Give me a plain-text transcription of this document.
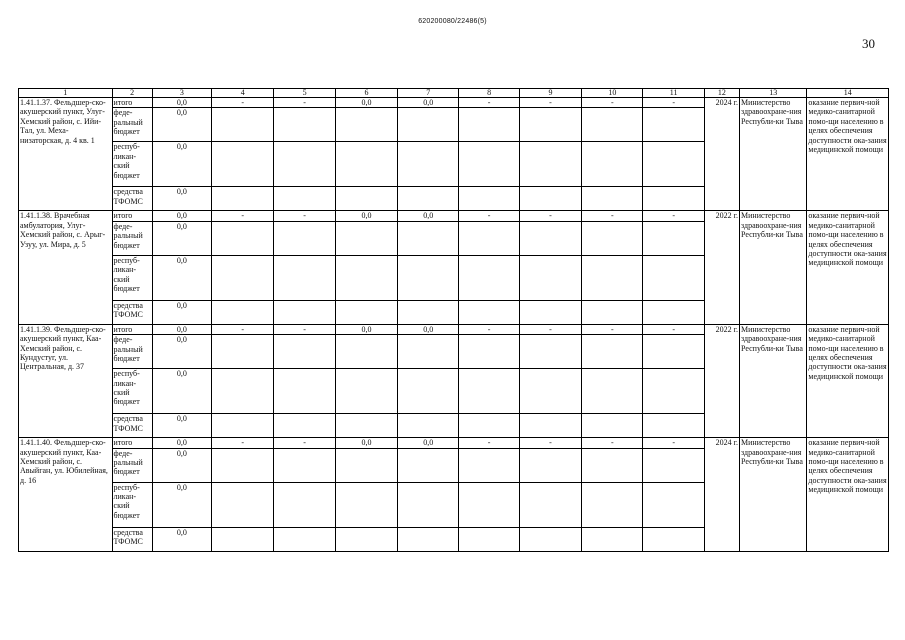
620200080/22486(5)
30
1	2	3	4	5	6	7	8	9	10	11	12	13	14
1.41.1.37. Фельдшер-ско-акушерский пункт, Улуг-Хемский район, с. Ийи-Тал, ул. Меха-низаторская, д. 4 кв. 1	итого	0,0	-	-	0,0	0,0	-	-	-	-	2024 г.	Министерство здравоохране-ния Республи-ки Тыва	оказание первич-ной медико-санитарной помо-щи населению в целях обеспечения доступности ока-зания медицинской помощи
	феде-ральный бюджет	0,0											
	респуб-ликан-ский бюджет	0,0											
	средства ТФОМС	0,0											
1.41.1.38. Врачебная амбулатория, Улуг-Хемский район, с. Арыг-Узуу, ул. Мира, д. 5	итого	0,0	-	-	0,0	0,0	-	-	-	-	2022 г.	Министерство здравоохране-ния Республи-ки Тыва	оказание первич-ной медико-санитарной помо-щи населению в целях обеспечения доступности ока-зания медицинской помощи
	феде-ральный бюджет	0,0											
	респуб-ликан-ский бюджет	0,0											
	средства ТФОМС	0,0											
1.41.1.39. Фельдшер-ско-акушерский пункт, Каа-Хемский район, с. Кундустуг, ул. Центральная, д. 37	итого	0,0	-	-	0,0	0,0	-	-	-	-	2022 г.	Министерство здравоохране-ния Республи-ки Тыва	оказание первич-ной медико-санитарной помо-щи населению в целях обеспечения доступности ока-зания медицинской помощи
	феде-ральный бюджет	0,0											
	респуб-ликан-ский бюджет	0,0											
	средства ТФОМС	0,0											
1.41.1.40. Фельдшер-ско-акушерский пункт, Каа-Хемский район, с. Авыйган, ул. Юбилейная, д. 16	итого	0,0	-	-	0,0	0,0	-	-	-	-	2024 г.	Министерство здравоохране-ния Республи-ки Тыва	оказание первич-ной медико-санитарной помо-щи населению в целях обеспечения доступности ока-зания медицинской помощи
	феде-ральный бюджет	0,0											
	респуб-ликан-ский бюджет	0,0											
	средства ТФОМС	0,0											
